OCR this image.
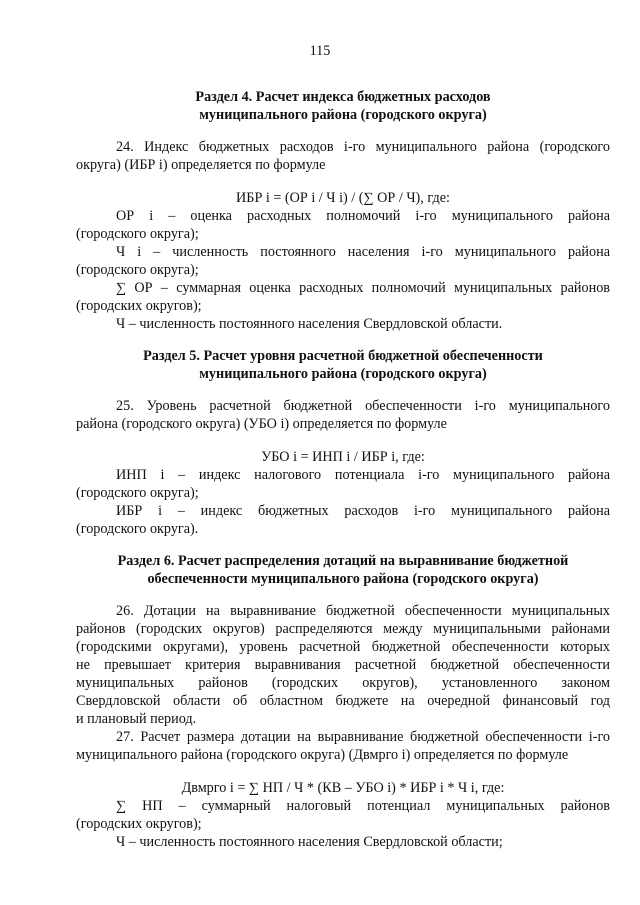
115
Раздел 4. Расчет индекса бюджетных расходов
муниципального района (городского округа)
24. Индекс бюджетных расходов i-го муниципального района (городского
округа) (ИБР i) определяется по формуле
ИБР i = (ОР i / Ч i) / (∑ ОР / Ч), где:
ОР i – оценка расходных полномочий i-го муниципального района
(городского округа);
Ч i – численность постоянного населения i-го муниципального района
(городского округа);
∑ ОР – суммарная оценка расходных полномочий муниципальных районов
(городских округов);
Ч – численность постоянного населения Свердловской области.
Раздел 5. Расчет уровня расчетной бюджетной обеспеченности
муниципального района (городского округа)
25. Уровень расчетной бюджетной обеспеченности i-го муниципального
района (городского округа) (УБО i) определяется по формуле
УБО i = ИНП i / ИБР i, где:
ИНП i – индекс налогового потенциала i-го муниципального района
(городского округа);
ИБР i – индекс бюджетных расходов i-го муниципального района
(городского округа).
Раздел 6. Расчет распределения дотаций на выравнивание бюджетной
обеспеченности муниципального района (городского округа)
26. Дотации на выравнивание бюджетной обеспеченности муниципальных
районов (городских округов) распределяются между муниципальными районами
(городскими округами), уровень расчетной бюджетной обеспеченности которых
не превышает критерия выравнивания расчетной бюджетной обеспеченности
муниципальных районов (городских округов), установленного законом
Свердловской области об областном бюджете на очередной финансовый год
и плановый период.
27. Расчет размера дотации на выравнивание бюджетной обеспеченности i-го
муниципального района (городского округа) (Двмрго i) определяется по формуле
Двмрго i = ∑ НП / Ч * (КВ – УБО i) * ИБР i * Ч i, где:
∑ НП – суммарный налоговый потенциал муниципальных районов
(городских округов);
Ч – численность постоянного населения Свердловской области;
